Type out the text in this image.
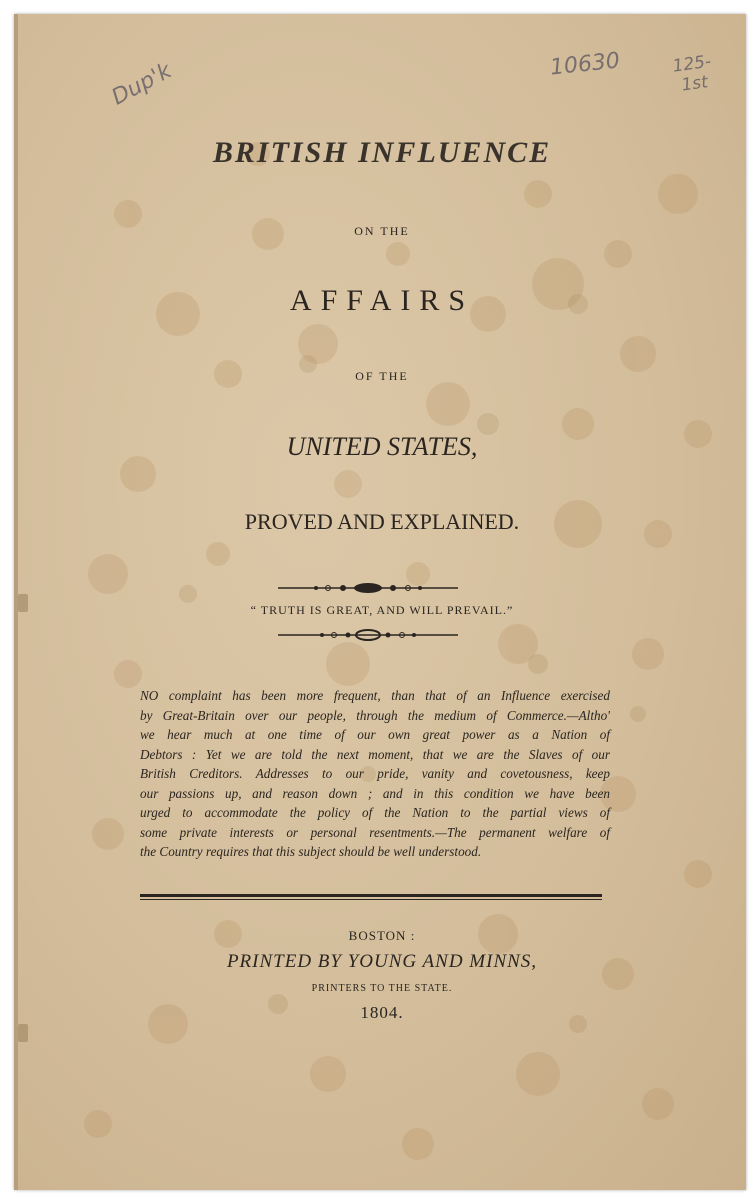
Dup'k	10630	125-
1st
BRITISH INFLUENCE
ON THE
AFFAIRS
OF THE
UNITED STATES,
PROVED AND EXPLAINED.
“ TRUTH IS GREAT, AND WILL PREVAIL.”
NO complaint has been more frequent, than that of an Influence exercised
by Great-Britain over our people, through the medium of Commerce.—Altho'
we hear much at one time of our own great power as a Nation of
Debtors : Yet we are told the next moment, that we are the Slaves of our
British Creditors. Addresses to our pride, vanity and covetousness, keep
our passions up, and reason down ; and in this condition we have been
urged to accommodate the policy of the Nation to the partial views of
some private interests or personal resentments.—The permanent welfare of
the Country requires that this subject should be well understood.
BOSTON :
PRINTED BY YOUNG AND MINNS,
PRINTERS TO THE STATE.
1804.
